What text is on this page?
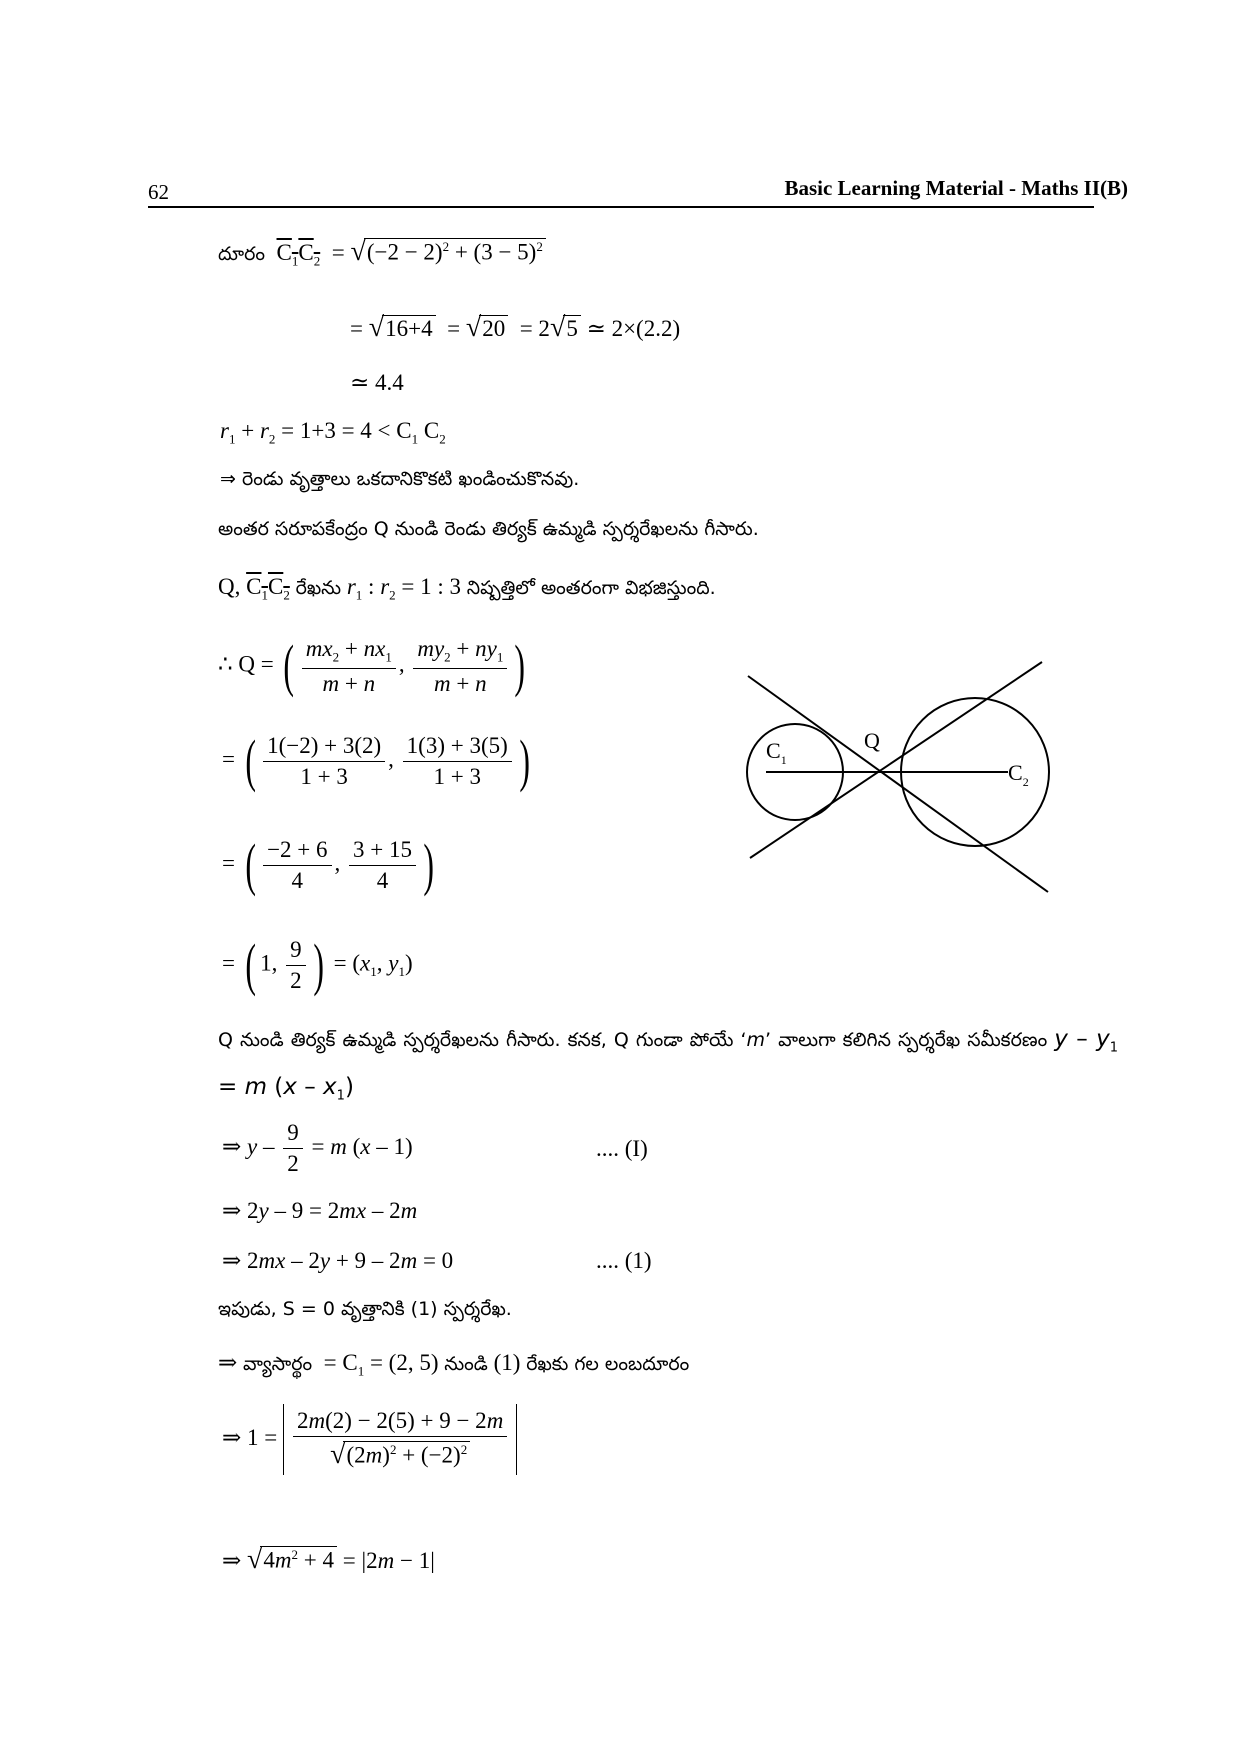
62	Basic Learning Material - Maths II(B)
దూరం $C_1C_2 = √(-2 - 2)^2 + (3 - 5)^2$
= √16+4  = √20  = 2√5 ≃ 2×(2.2)
≃ 4.4
$r_1 + r_2 = 1+3 = 4 < C_1$ $C_2$
⇒ రెండు వృత్తాలు ఒకదానికొకటి ఖండించుకొనవు.
అంతర సరూపకేంద్రం Q నుండి రెండు తిర్యక్ ఉమ్మడి స్పర్శరేఖలను గీసారు.
Q, $C_1C_2$ రేఖను $r_1$ : $r_2 = 1$ : 3 నిష్పత్తిలో అంతరంగా విభజిస్తుంది.
∴ Q = ( $\frac{mx_2 + nx_1}{m + n}$ , $\frac{my_2 + ny_1}{m + n}$ )
= ( $\frac{1(-2) + 3(2)}{1 + 3}$ , $\frac{1(3) + 3(5)}{1 + 3}$ )
= ( $\frac{-2 + 6}{4}$ , $\frac{3 + 15}{4}$ )
= ( 1, $\frac{9}{2}$ ) = ($x_1$, $y_1$)
$C_1$
Q
$C_2$
Q నుండి తిర్యక్ ఉమ్మడి స్పర్శరేఖలను గీసారు. కనక, Q గుండా పోయే ‘m’ వాలుగా కలిగిన స్పర్శరేఖ సమీకరణం $y - y_1 = m$ $(x - x_1)$
⇒ $y - \frac{9}{2} = m$ (x – 1)	.... (I)
⇒ 2y – 9 = 2mx – 2m
⇒ 2mx – 2y + 9 – 2m = 0	.... (1)
ఇపుడు, S = 0 వృత్తానికి (1) స్పర్శరేఖ.
⇒ వ్యాసార్థం  = $C_1 = (2$, 5) నుండి (1) రేఖకు గల లంబదూరం
⇒ $1 = \frac{2m(2) - 2(5) + 9 - 2m}{√(2m)^2 + (-2)^2}$
⇒ $√4m^2 + 4 = |2m - 1|$
